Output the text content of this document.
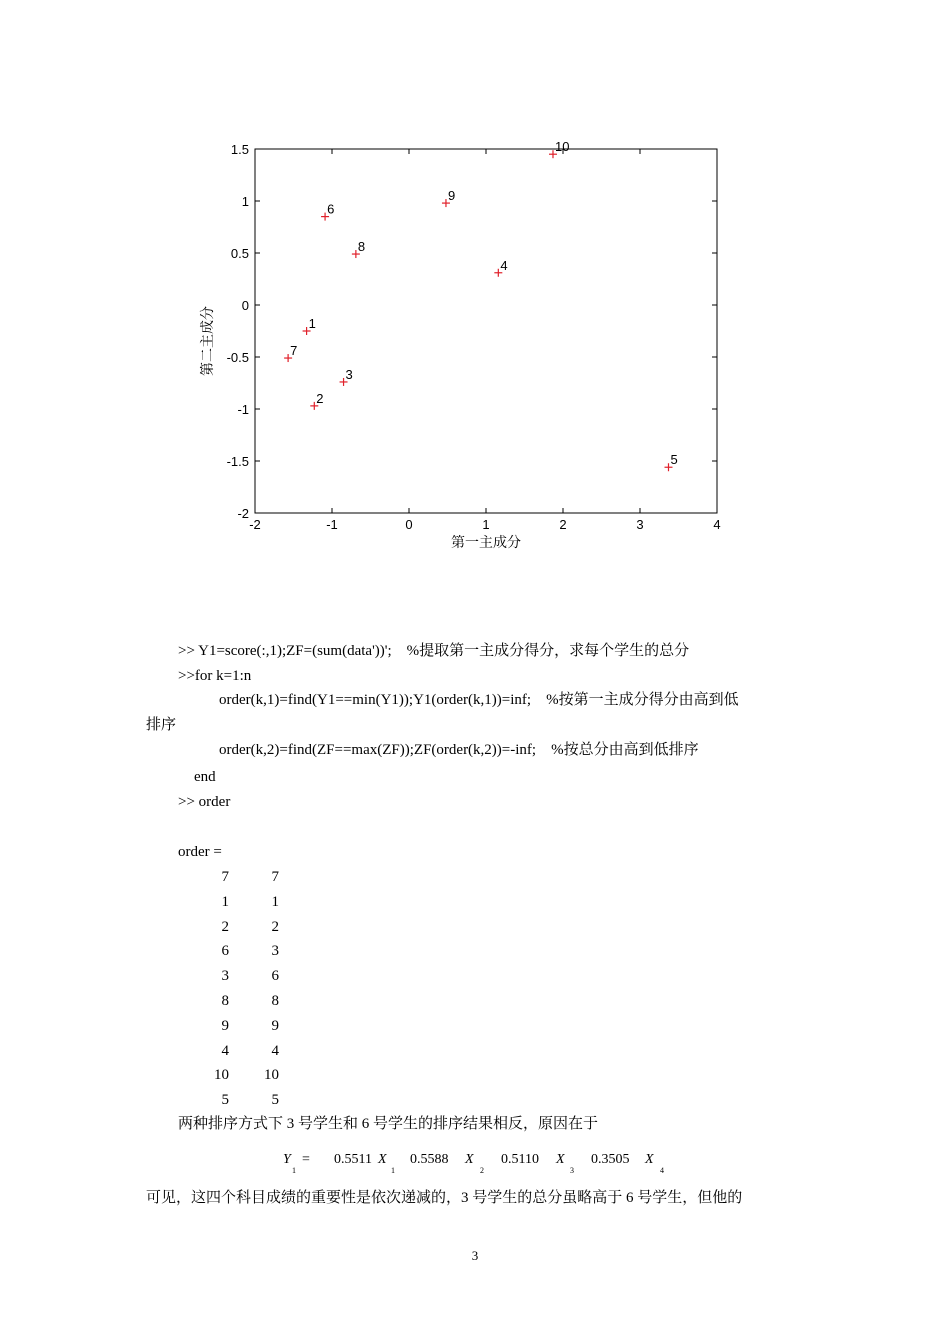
-2	-1	0	1	2	3	4
1.5
1
0.5
0
-0.5
-1
-1.5
-2
第一主成分
第二主成分	1
2
3
4
5
6
7
8
9
10
>> Y1=score(:,1);ZF=(sum(data'))'; %提取第一主成分得分，求每个学生的总分
>>for k=1:n
order(k,1)=find(Y1==min(Y1));Y1(order(k,1))=inf; %按第一主成分得分由高到低
排序
order(k,2)=find(ZF==max(ZF));ZF(order(k,2))=-inf; %按总分由高到低排序
end
>> order
order =
7	7
1	1
2	2
6	3
3	6
8	8
9	9
4	4
10	10
5	5
两种排序方式下 3 号学生和 6 号学生的排序结果相反，原因在于
Y
1
= 0.5511 X
1
0.5588 X
2
0.5110 X
3
0.3505 X
4
可见，这四个科目成绩的重要性是依次递减的，3 号学生的总分虽略高于 6 号学生，但他的
3
